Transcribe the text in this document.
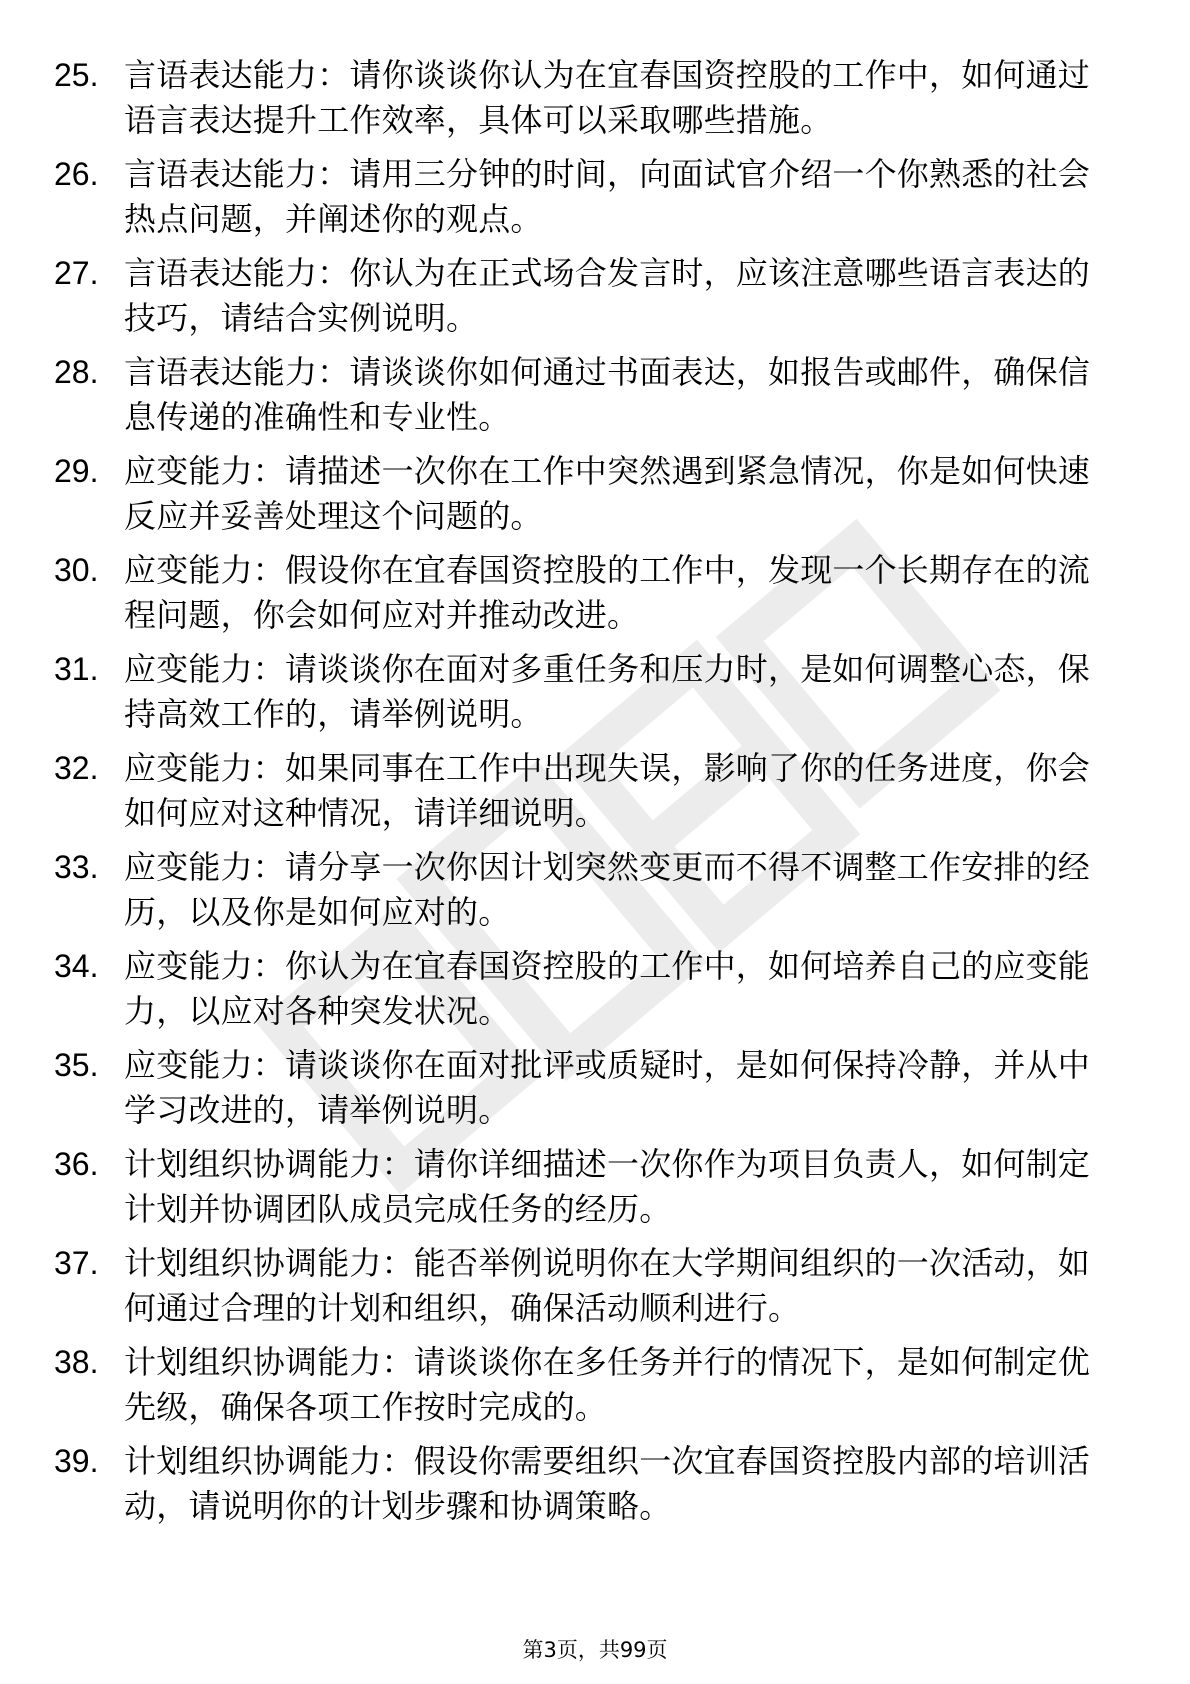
25. 言语表达能力：请你谈谈你认为在宜春国资控股的工作中，如何通过语言表达提升工作效率，具体可以采取哪些措施。
26. 言语表达能力：请用三分钟的时间，向面试官介绍一个你熟悉的社会热点问题，并阐述你的观点。
27. 言语表达能力：你认为在正式场合发言时，应该注意哪些语言表达的技巧，请结合实例说明。
28. 言语表达能力：请谈谈你如何通过书面表达，如报告或邮件，确保信息传递的准确性和专业性。
29. 应变能力：请描述一次你在工作中突然遇到紧急情况，你是如何快速反应并妥善处理这个问题的。
30. 应变能力：假设你在宜春国资控股的工作中，发现一个长期存在的流程问题，你会如何应对并推动改进。
31. 应变能力：请谈谈你在面对多重任务和压力时，是如何调整心态，保持高效工作的，请举例说明。
32. 应变能力：如果同事在工作中出现失误，影响了你的任务进度，你会如何应对这种情况，请详细说明。
33. 应变能力：请分享一次你因计划突然变更而不得不调整工作安排的经历，以及你是如何应对的。
34. 应变能力：你认为在宜春国资控股的工作中，如何培养自己的应变能力，以应对各种突发状况。
35. 应变能力：请谈谈你在面对批评或质疑时，是如何保持冷静，并从中学习改进的，请举例说明。
36. 计划组织协调能力：请你详细描述一次你作为项目负责人，如何制定计划并协调团队成员完成任务的经历。
37. 计划组织协调能力：能否举例说明你在大学期间组织的一次活动，如何通过合理的计划和组织，确保活动顺利进行。
38. 计划组织协调能力：请谈谈你在多任务并行的情况下，是如何制定优先级，确保各项工作按时完成的。
39. 计划组织协调能力：假设你需要组织一次宜春国资控股内部的培训活动，请说明你的计划步骤和协调策略。
第3页，共99页
